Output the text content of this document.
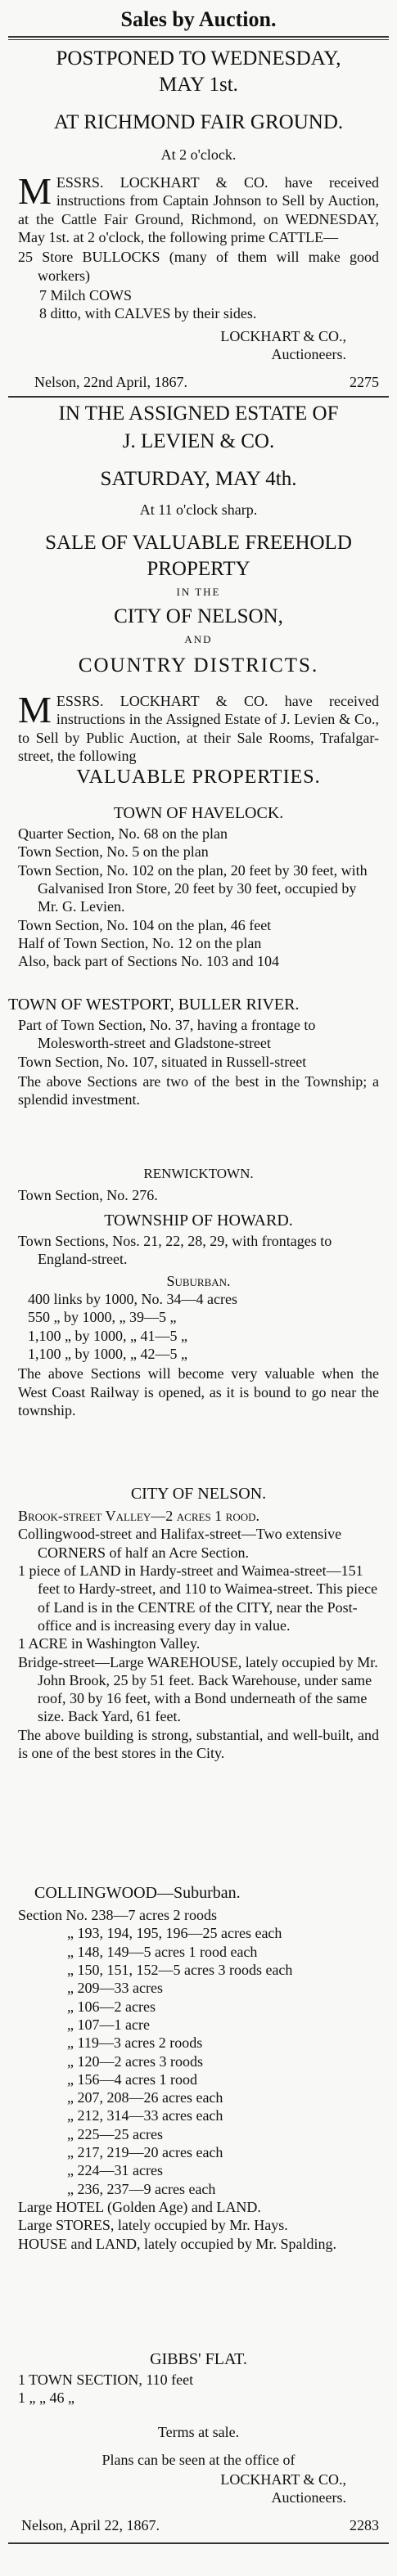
Sales by Auction.
POSTPONED TO WEDNESDAY,
MAY 1st.
AT RICHMOND FAIR GROUND.
At 2 o'clock.

MESSRS. LOCKHART & CO. have received instructions from Captain Johnson to Sell by Auction, at the Cattle Fair Ground, Richmond, on WEDNESDAY, May 1st. at 2 o'clock, the following prime CATTLE—

25 Store BULLOCKS (many of them will make good workers)

7 Milch COWS

8 ditto, with CALVES by their sides.

LOCKHART & CO.,
Auctioneers.
Nelson, 22nd April, 1867.	2275
IN THE ASSIGNED ESTATE OF
J. LEVIEN & CO.
SATURDAY, MAY 4th.
At 11 o'clock sharp.
SALE OF VALUABLE FREEHOLD
PROPERTY
IN THE
CITY OF NELSON,
AND
COUNTRY DISTRICTS.

MESSRS. LOCKHART & CO. have received instructions in the Assigned Estate of J. Levien & Co., to Sell by Public Auction, at their Sale Rooms, Trafalgar-street, the following

VALUABLE PROPERTIES.
TOWN OF HAVELOCK.

Quarter Section, No. 68 on the plan

Town Section, No. 5 on the plan

Town Section, No. 102 on the plan, 20 feet by 30 feet, with Galvanised Iron Store, 20 feet by 30 feet, occupied by Mr. G. Levien.

Town Section, No. 104 on the plan, 46 feet

Half of Town Section, No. 12 on the plan

Also, back part of Sections No. 103 and 104

TOWN OF WESTPORT, BULLER RIVER.

Part of Town Section, No. 37, having a frontage to Molesworth-street and Gladstone-street

Town Section, No. 107, situated in Russell-street

The above Sections are two of the best in the Township; a splendid investment.

RENWICKTOWN.
Town Section, No. 276.
TOWNSHIP OF HOWARD.

Town Sections, Nos. 21, 22, 28, 29, with frontages to England-street.

Suburban.

400 links by 1000, No. 34—4 acres

550 „ by 1000, „ 39—5 „

1,100 „ by 1000, „ 41—5 „

1,100 „ by 1000, „ 42—5 „

The above Sections will become very valuable when the West Coast Railway is opened, as it is bound to go near the township.

CITY OF NELSON.

Brook-street Valley—2 acres 1 rood.

Collingwood-street and Halifax-street—Two extensive CORNERS of half an Acre Section.

1 piece of LAND in Hardy-street and Waimea-street—151 feet to Hardy-street, and 110 to Waimea-street. This piece of Land is in the CENTRE of the CITY, near the Post-office and is increasing every day in value.

1 ACRE in Washington Valley.

Bridge-street—Large WAREHOUSE, lately occupied by Mr. John Brook, 25 by 51 feet. Back Warehouse, under same roof, 30 by 16 feet, with a Bond underneath of the same size. Back Yard, 61 feet.

The above building is strong, substantial, and well-built, and is one of the best stores in the City.

COLLINGWOOD—Suburban.

Section No. 238—7 acres 2 roods

„ 193, 194, 195, 196—25 acres each

„ 148, 149—5 acres 1 rood each

„ 150, 151, 152—5 acres 3 roods each

„ 209—33 acres

„ 106—2 acres

„ 107—1 acre

„ 119—3 acres 2 roods

„ 120—2 acres 3 roods

„ 156—4 acres 1 rood

„ 207, 208—26 acres each

„ 212, 314—33 acres each

„ 225—25 acres

„ 217, 219—20 acres each

„ 224—31 acres

„ 236, 237—9 acres each

Large HOTEL (Golden Age) and LAND.

Large STORES, lately occupied by Mr. Hays.

HOUSE and LAND, lately occupied by Mr. Spalding.

GIBBS' FLAT.

1 TOWN SECTION, 110 feet

1 „ „ 46 „

Terms at sale.
Plans can be seen at the office of
LOCKHART & CO.,
Auctioneers.
Nelson, April 22, 1867.	2283
